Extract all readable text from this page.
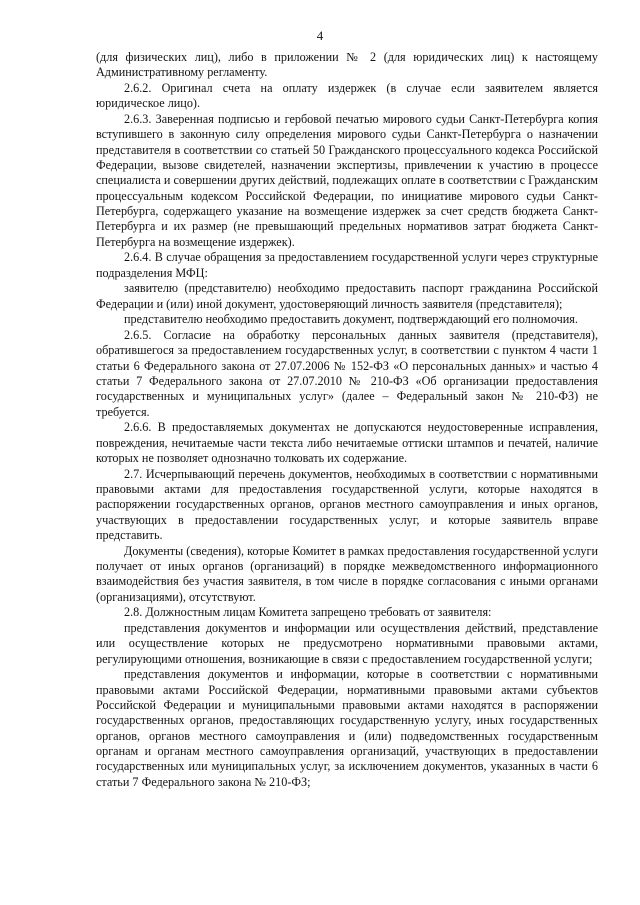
4

(для физических лиц), либо в приложении № 2 (для юридических лиц) к настоящему Административному регламенту.

2.6.2. Оригинал счета на оплату издержек (в случае если заявителем является юридическое лицо).

2.6.3. Заверенная подписью и гербовой печатью мирового судьи Санкт-Петербурга копия вступившего в законную силу определения мирового судьи Санкт-Петербурга о назначении представителя в соответствии со статьей 50 Гражданского процессуального кодекса Российской Федерации, вызове свидетелей, назначении экспертизы, привлечении к участию в процессе специалиста и совершении других действий, подлежащих оплате в соответствии с Гражданским процессуальным кодексом Российской Федерации, по инициативе мирового судьи Санкт-Петербурга, содержащего указание на возмещение издержек за счет средств бюджета Санкт-Петербурга и их размер (не превышающий предельных нормативов затрат бюджета Санкт-Петербурга на возмещение издержек).

2.6.4. В случае обращения за предоставлением государственной услуги через структурные подразделения МФЦ:

заявителю (представителю) необходимо предоставить паспорт гражданина Российской Федерации и (или) иной документ, удостоверяющий личность заявителя (представителя);

представителю необходимо предоставить документ, подтверждающий его полномочия.

2.6.5. Согласие на обработку персональных данных заявителя (представителя), обратившегося за предоставлением государственных услуг, в соответствии с пунктом 4 части 1 статьи 6 Федерального закона от 27.07.2006 № 152-ФЗ «О персональных данных» и частью 4 статьи 7 Федерального закона от 27.07.2010 № 210-ФЗ «Об организации предоставления государственных и муниципальных услуг» (далее – Федеральный закон № 210-ФЗ) не требуется.

2.6.6. В предоставляемых документах не допускаются неудостоверенные исправления, повреждения, нечитаемые части текста либо нечитаемые оттиски штампов и печатей, наличие которых не позволяет однозначно толковать их содержание.

2.7. Исчерпывающий перечень документов, необходимых в соответствии с нормативными правовыми актами для предоставления государственной услуги, которые находятся в распоряжении государственных органов, органов местного самоуправления и иных органов, участвующих в предоставлении государственных услуг, и которые заявитель вправе представить.

Документы (сведения), которые Комитет в рамках предоставления государственной услуги получает от иных органов (организаций) в порядке межведомственного информационного взаимодействия без участия заявителя, в том числе в порядке согласования с иными органами (организациями), отсутствуют.

2.8. Должностным лицам Комитета запрещено требовать от заявителя:

представления документов и информации или осуществления действий, представление или осуществление которых не предусмотрено нормативными правовыми актами, регулирующими отношения, возникающие в связи с предоставлением государственной услуги;

представления документов и информации, которые в соответствии с нормативными правовыми актами Российской Федерации, нормативными правовыми актами субъектов Российской Федерации и муниципальными правовыми актами находятся в распоряжении государственных органов, предоставляющих государственную услугу, иных государственных органов, органов местного самоуправления и (или) подведомственных государственным органам и органам местного самоуправления организаций, участвующих в предоставлении государственных или муниципальных услуг, за исключением документов, указанных в части 6 статьи 7 Федерального закона № 210-ФЗ;
